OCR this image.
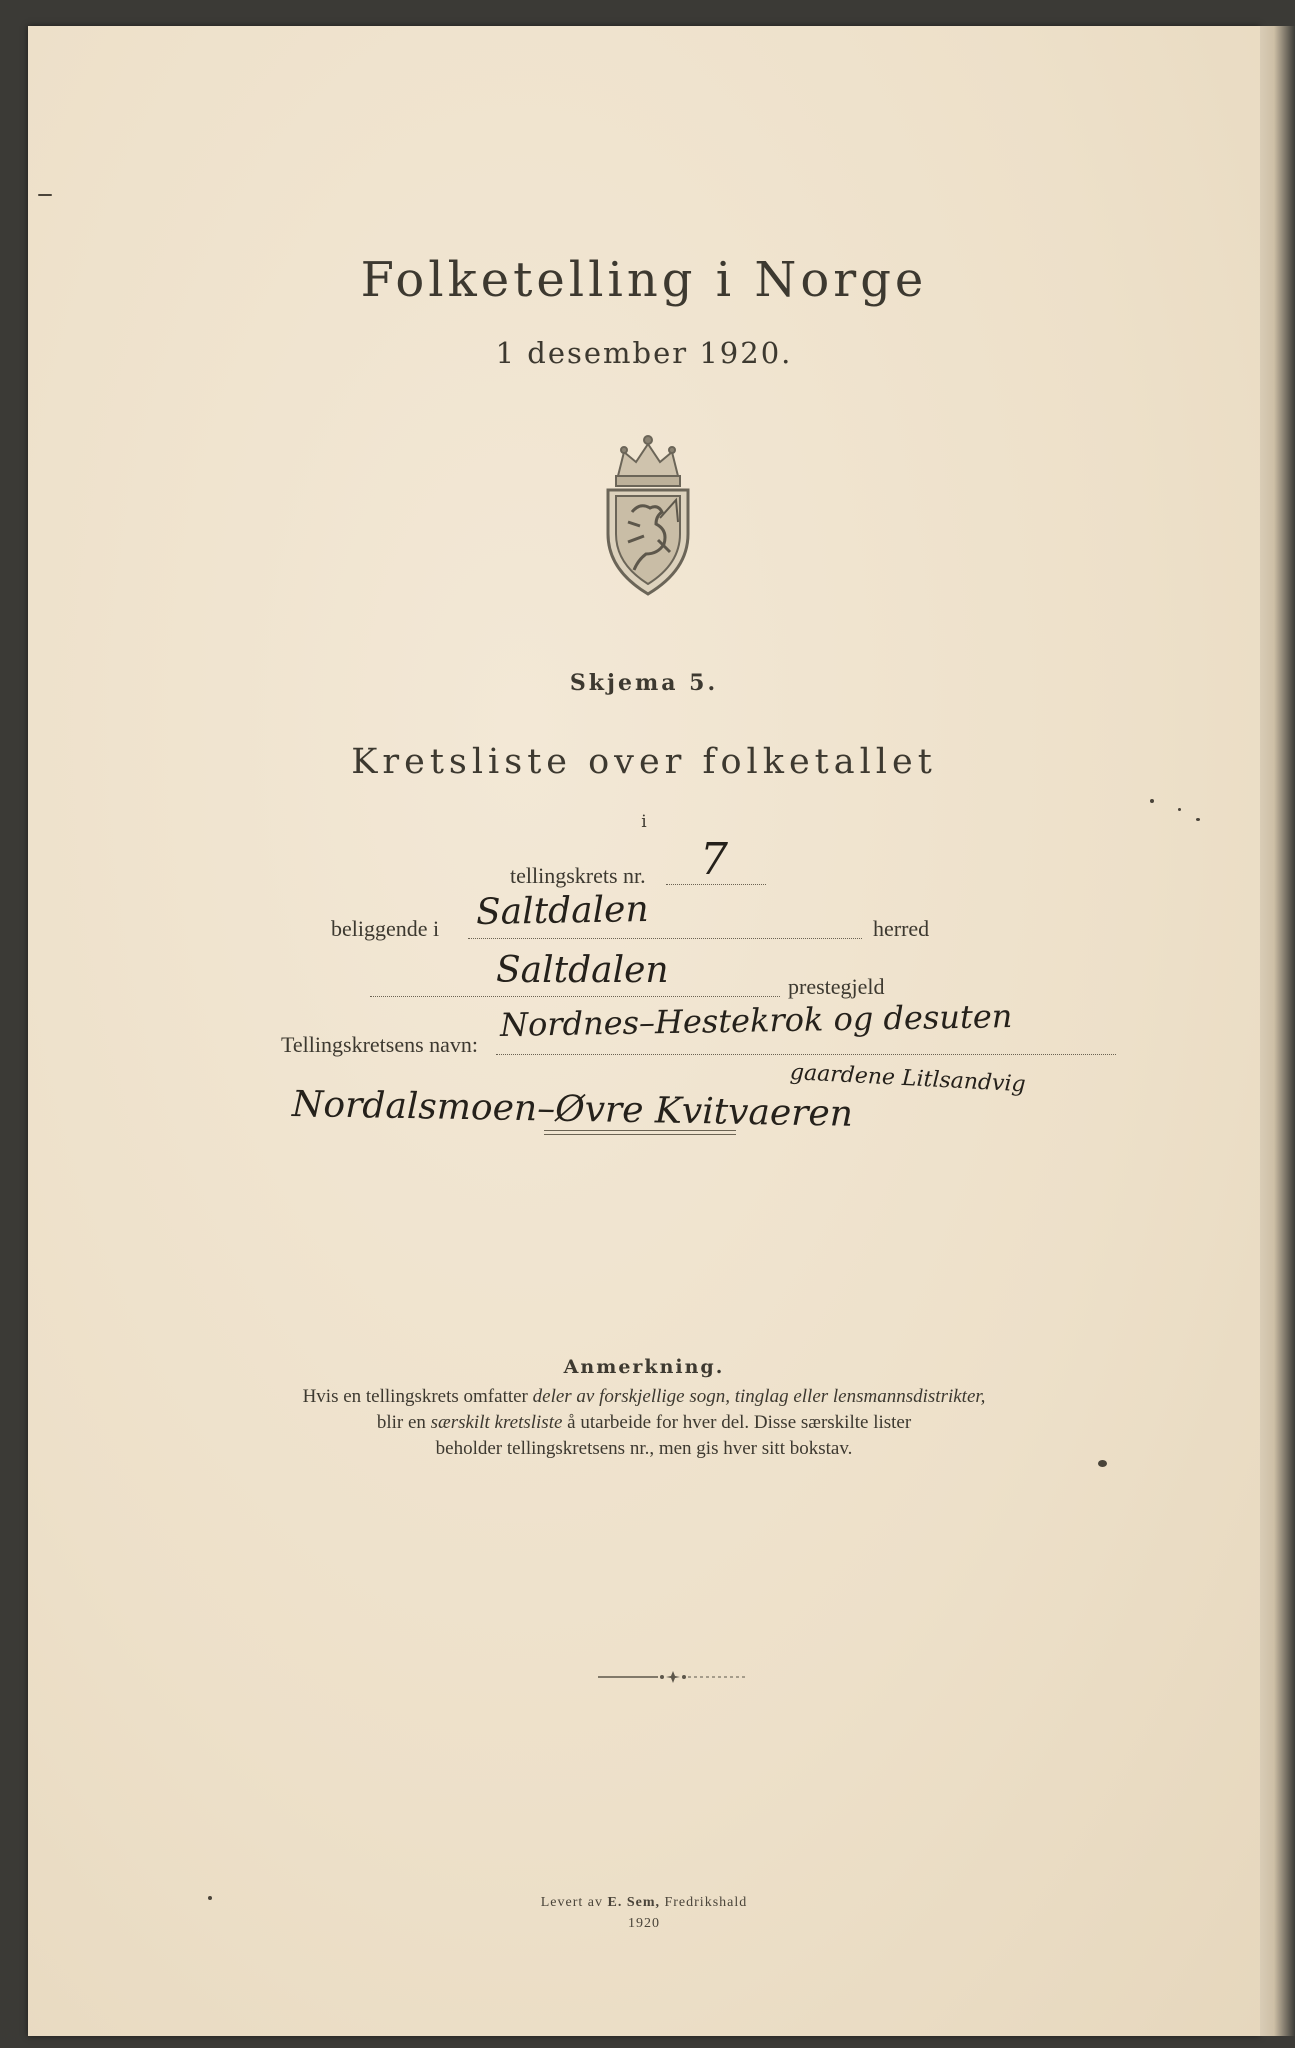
Folketelling i Norge
1 desember 1920.
Skjema 5.
Kretsliste over folketallet
i
tellingskrets nr. 7
beliggende i Saltdalen	herred
Saltdalen	prestegjeld
Tellingskretsens navn:
Nordnes–Hestekrok og desuten
gaardene Litlsandvig
Nordalsmoen–Øvre Kvitvaeren
Anmerkning.
Hvis en tellingskrets omfatter deler av forskjellige sogn, tinglag eller lensmannsdistrikter,
blir en særskilt kretsliste å utarbeide for hver del. Disse særskilte lister
beholder tellingskretsens nr., men gis hver sitt bokstav.
Levert av E. Sem, Fredrikshald
1920
